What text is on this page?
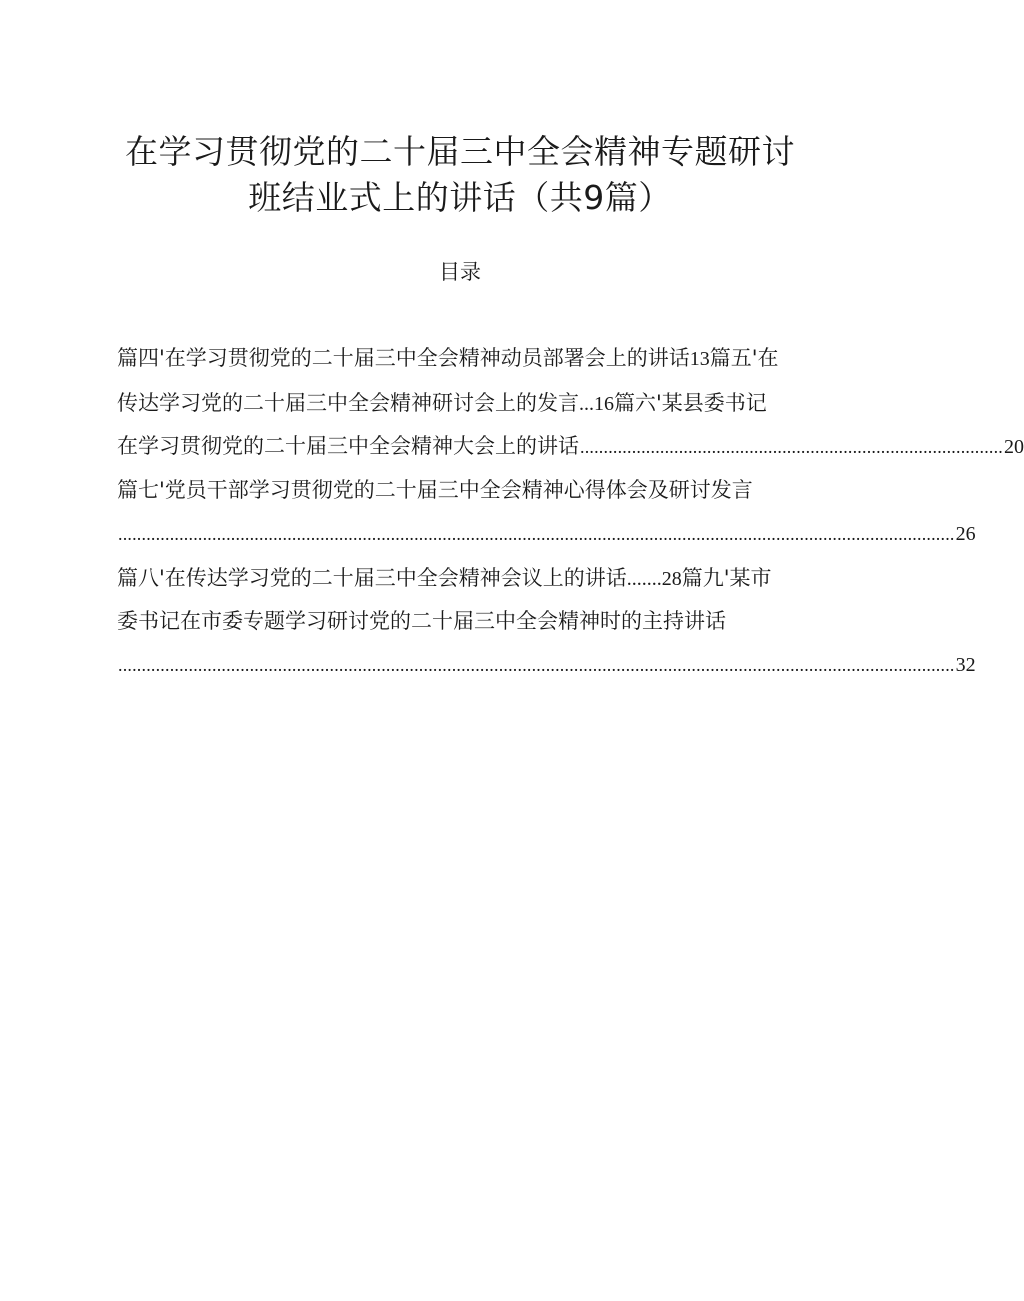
在学习贯彻党的二十届三中全会精神专题研讨
班结业式上的讲话（共9篇）
目录
篇四'在学习贯彻党的二十届三中全会精神动员部署会上的讲话13篇五'在
传达学习党的二十届三中全会精神研讨会上的发言...16篇六'某县委书记
在学习贯彻党的二十届三中全会精神大会上的讲话 .......................................................................................... 20
篇七'党员干部学习贯彻党的二十届三中全会精神心得体会及研讨发言
.................................................................................................................................................................................. 26
篇八'在传达学习党的二十届三中全会精神会议上的讲话.......28篇九'某市
委书记在市委专题学习研讨党的二十届三中全会精神时的主持讲话
.................................................................................................................................................................................. 32
